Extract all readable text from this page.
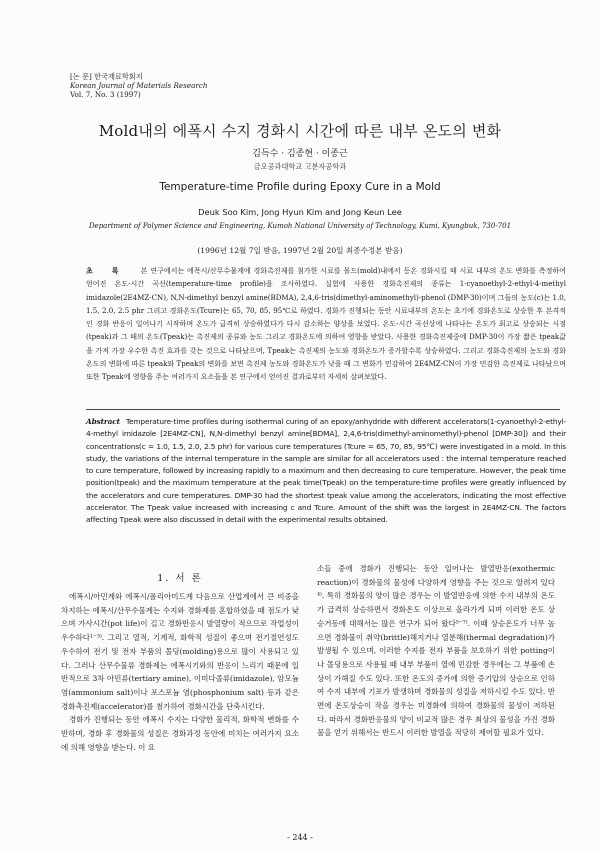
[논 문] 한국재료학회지
Korean Journal of Materials Research
Vol. 7, No. 3 (1997)
Mold내의 에폭시 수지 경화시 시간에 따른 내부 온도의 변화
김득수 · 김종현 · 이종근
금오공과대학교 고분자공학과
Temperature-time Profile during Epoxy Cure in a Mold
Deuk Soo Kim, Jong Hyun Kim and Jong Keun Lee
Department of Polymer Science and Engineering, Kumoh National University of Technology, Kumi, Kyungbuk, 730-701
(1996년 12월 7일 받음, 1997년 2월 20일 최종수정본 받음)
초 록 본 연구에서는 에폭시/산무수물계에 경화촉진제를 첨가한 시료를 몰드(mold)내에서 등온 경화시킬 때 시료 내부의 온도 변화를 측정하여 얻어진 온도-시간 곡선(temperature-time profile)을 조사하였다. 실험에 사용한 경화촉진제의 종류는 1-cyanoethyl-2-ethyl-4-methyl imidazole(2E4MZ-CN), N,N-dimethyl benzyl amine(BDMA), 2,4,6-tris(dimethyl-aminomethyl)-phenol (DMP-30)이며 그들의 농도(c)는 1.0, 1.5, 2.0, 2.5 phr 그리고 경화온도(Tcure)는 65, 70, 85, 95℃로 하였다. 경화가 진행되는 동안 시료내부의 온도는 초기에 경화온도로 상승한 후 본격적인 경화 반응이 일어나기 시작하며 온도가 급격히 상승하였다가 다시 감소하는 양상을 보였다. 온도-시간 곡선상에 나타나는 온도가 최고로 상승되는 시점(tpeak)과 그 때의 온도(Tpeak)는 촉진제의 종류와 농도 그리고 경화온도에 의하여 영향을 받았다. 사용한 경화촉진제중에 DMP-30이 가장 짧은 tpeak값을 가져 가장 우수한 촉진 효과를 갖는 것으로 나타났으며, Tpeak는 촉진제의 농도와 경화온도가 증가할수록 상승하였다. 그리고 경화촉진제의 농도와 경화온도의 변화에 따른 tpeak와 Tpeak의 변화를 보면 촉진제 농도와 경화온도가 낮을 때 그 변화가 민감하여 2E4MZ-CN이 가장 민감한 촉진제로 나타났으며 또한 Tpeak에 영향을 주는 여러가지 요소들을 본 연구에서 얻어진 결과로부터 자세히 살펴보았다.
Abstract Temperature-time profiles during isothermal curing of an epoxy/anhydride with different accelerators(1-cyanoethyl-2-ethyl-4-methyl imidazole [2E4MZ-CN], N,N-dimethyl benzyl amine[BDMA], 2,4,6-tris(dimethyl-aminomethyl)-phenol [DMP-30]) and their concentrations(c = 1.0, 1.5, 2.0, 2.5 phr) for various cure temperatures (Tcure = 65, 70, 85, 95℃) were investigated in a mold. In this study, the variations of the internal temperature in the sample are similar for all accelerators used : the internal temperature reached to cure temperature, followed by increasing rapidly to a maximum and then decreasing to cure temperature. However, the peak time position(tpeak) and the maximum temperature at the peak time(Tpeak) on the temperature-time profiles were greatly influenced by the accelerators and cure temperatures. DMP-30 had the shortest tpeak value among the accelerators, indicating the most effective accelerator. The Tpeak value increased with increasing c and Tcure. Amount of the shift was the largest in 2E4MZ-CN. The factors affecting Tpeak were also discussed in detail with the experimental results obtained.
1. 서 론

에폭시/아민계와 에폭시/폴리아미드계 다음으로 산업계에서 큰 비중을 차지하는 에폭시/산무수물계는 수지와 경화제를 혼합하였을 때 점도가 낮으며 가사시간(pot life)이 길고 경화반응시 발열량이 적으므로 작업성이 우수하다¹⁻³⁾. 그리고 열적, 기계적, 화학적 성질이 좋으며 전기절연성도 우수하여 전기 및 전자 부품의 몰딩(molding)용으로 많이 사용되고 있다. 그러나 산무수물류 경화제는 에폭시기와의 반응이 느리기 때문에 일반적으로 3차 아민류(tertiary amine), 이미다졸류(imidazole), 암모늄염(ammonium salt)이나 포스포늄 염(phosphonium salt) 등과 같은 경화촉진제(accelerator)를 첨가하여 경화시간을 단축시킨다.

경화가 진행되는 동안 에폭시 수지는 다양한 물리적, 화학적 변화를 수반하며, 경화 후 경화물의 성질은 경화과정 동안에 미치는 여러가지 요소에 의해 영향을 받는다. 이 요

소들 중에 경화가 진행되는 동안 일어나는 발열반응(exothermic reaction)이 경화물의 물성에 다양하게 영향을 주는 것으로 알려져 있다⁴⁾. 특히 경화물의 양이 많은 경우는 이 발열반응에 의한 수지 내부의 온도가 급격히 상승하면서 경화온도 이상으로 올라가게 되며 이러한 온도 상승거동에 대해서는 많은 연구가 되어 왔다⁵⁻⁷⁾. 이때 상승온도가 너무 높으면 경화물이 취약(brittle)해지거나 열분해(thermal degradation)가 발생될 수 있으며, 이러한 수지를 전자 부품을 보호하기 위한 potting이나 몰딩용으로 사용될 때 내부 부품이 열에 민감한 경우에는 그 부품에 손상이 가해질 수도 있다. 또한 온도의 증가에 의한 증기압의 상승으로 인하여 수지 내부에 기포가 발생하며 경화물의 성질을 저하시킬 수도 있다. 반면에 온도상승이 작을 경우는 미경화에 의하여 경화물의 물성이 저하된다. 따라서 경화반응물의 양이 비교적 많은 경우 최상의 물성을 가진 경화물을 얻기 위해서는 반드시 이러한 발열을 적당히 제어할 필요가 있다.

- 244 -
